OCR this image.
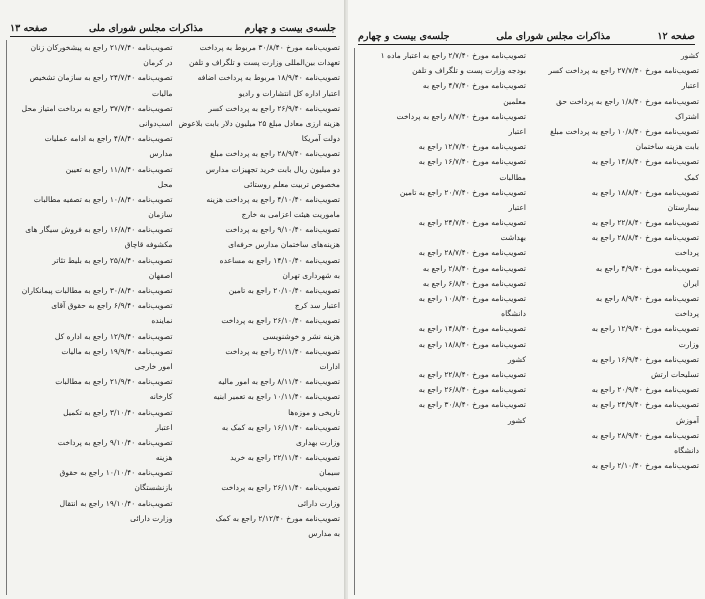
جلسه‌ی بیست و چهارم
مذاکرات مجلس شورای ملی
صفحه ۱۳
تصویب‌نامه مورخ ۳۰/۸/۴۰ مربوط به پرداخت
تعهدات بین‌المللی وزارت پست و تلگراف و تلفن
تصویب‌نامه ۱۸/۹/۴۰ مربوط به پرداخت اضافه
اعتبار اداره کل انتشارات و رادیو
تصویب‌نامه ۲۶/۹/۴۰ راجع به پرداخت کسر
هزینه ارزی معادل مبلغ ۲۵ میلیون دلار بابت بلاعوض
دولت آمریکا
تصویب‌نامه ۲۸/۹/۴۰ راجع به پرداخت مبلغ
دو میلیون ریال بابت خرید تجهیزات مدارس
مخصوص تربیت معلم روستائی
تصویب‌نامه ۴/۱۰/۴۰ راجع به پرداخت هزینه
ماموریت هیئت اعزامی به خارج
تصویب‌نامه ۹/۱۰/۴۰ راجع به پرداخت
هزینه‌های ساختمان مدارس حرفه‌ای
تصویب‌نامه ۱۴/۱۰/۴۰ راجع به مساعده
به شهرداری تهران
تصویب‌نامه ۲۰/۱۰/۴۰ راجع به تامین
اعتبار سد کرج
تصویب‌نامه ۲۶/۱۰/۴۰ راجع به پرداخت
هزینه نشر و خوشنویسی
تصویب‌نامه ۲/۱۱/۴۰ راجع به پرداخت
ادارات
تصویب‌نامه ۸/۱۱/۴۰ راجع به امور مالیه
تصویب‌نامه ۱۰/۱۱/۴۰ راجع به تعمیر ابنیه
تاریخی و موزه‌ها
تصویب‌نامه ۱۶/۱۱/۴۰ راجع به کمک به
وزارت بهداری
تصویب‌نامه ۲۲/۱۱/۴۰ راجع به خرید
سیمان
تصویب‌نامه ۲۶/۱۱/۴۰ راجع به پرداخت
وزارت دارائی
تصویب‌نامه مورخ ۲/۱۲/۴۰ راجع به کمک
به مدارس
تصویب‌نامه ۲۱/۷/۴۰ راجع به پیشخورکان زنان
در کرمان
تصویب‌نامه ۲۴/۷/۴۰ راجع به سازمان تشخیص
مالیات
تصویب‌نامه ۳۷/۷/۴۰ راجع به برداخت امتیاز محل
اسب‌دوانی
تصویب‌نامه ۴/۸/۴۰ راجع به ادامه عملیات
مدارس
تصویب‌نامه ۱۱/۸/۴۰ راجع به تعیین
محل
تصویب‌نامه ۱۰/۸/۴۰ راجع به تصفیه مطالبات
سازمان
تصویب‌نامه ۱۶/۸/۴۰ راجع به فروش سیگار های
مکشوفه قاچاق
تصویب‌نامه ۲۵/۸/۴۰ راجع به بلیط تئاتر
اصفهان
تصویب‌نامه ۳۰/۸/۴۰ راجع به مطالبات پیمانکاران
تصویب‌نامه ۶/۹/۴۰ راجع به حقوق آقای
نماینده
تصویب‌نامه ۱۲/۹/۴۰ راجع به اداره کل
تصویب‌نامه ۱۹/۹/۴۰ راجع به مالیات
امور خارجی
تصویب‌نامه ۲۱/۹/۴۰ راجع به مطالبات
کارخانه
تصویب‌نامه ۳/۱۰/۴۰ راجع به تکمیل
اعتبار
تصویب‌نامه ۹/۱۰/۴۰ راجع به پرداخت
هزینه
تصویب‌نامه ۱۰/۱۰/۴۰ راجع به حقوق
بازنشستگان
تصویب‌نامه ۱۹/۱۰/۴۰ راجع به انتقال
وزارت دارائی
صفحه ۱۲
مذاکرات مجلس شورای ملی
جلسه‌ی بیست و چهارم
کشور
تصویب‌نامه مورخ ۲۷/۷/۴۰ راجع به پرداخت کسر
اعتبار
تصویب‌نامه مورخ ۱/۸/۴۰ راجع به پرداخت حق
اشتراک
تصویب‌نامه مورخ ۱۰/۸/۴۰ راجع به پرداخت مبلغ
بابت هزینه ساختمان
تصویب‌نامه مورخ ۱۴/۸/۴۰ راجع به
کمک
تصویب‌نامه مورخ ۱۸/۸/۴۰ راجع به
بیمارستان
تصویب‌نامه مورخ ۲۲/۸/۴۰ راجع به
تصویب‌نامه مورخ ۲۸/۸/۴۰ راجع به
پرداخت
تصویب‌نامه مورخ ۴/۹/۴۰ راجع به
ایران
تصویب‌نامه مورخ ۸/۹/۴۰ راجع به
پرداخت
تصویب‌نامه مورخ ۱۲/۹/۴۰ راجع به
وزارت
تصویب‌نامه مورخ ۱۶/۹/۴۰ راجع به
تسلیحات ارتش
تصویب‌نامه مورخ ۲۰/۹/۴۰ راجع به
تصویب‌نامه مورخ ۲۴/۹/۴۰ راجع به
آموزش
تصویب‌نامه مورخ ۲۸/۹/۴۰ راجع به
دانشگاه
تصویب‌نامه مورخ ۲/۱۰/۴۰ راجع به
تصویب‌نامه مورخ ۲/۷/۴۰ راجع به اعتبار ماده ۱
بودجه وزارت پست و تلگراف و تلفن
تصویب‌نامه مورخ ۴/۷/۴۰ راجع به
معلمین
تصویب‌نامه مورخ ۸/۷/۴۰ راجع به پرداخت
اعتبار
تصویب‌نامه مورخ ۱۲/۷/۴۰ راجع به
تصویب‌نامه مورخ ۱۶/۷/۴۰ راجع به
مطالبات
تصویب‌نامه مورخ ۲۰/۷/۴۰ راجع به تامین
اعتبار
تصویب‌نامه مورخ ۲۴/۷/۴۰ راجع به
بهداشت
تصویب‌نامه مورخ ۲۸/۷/۴۰ راجع به
تصویب‌نامه مورخ ۲/۸/۴۰ راجع به
تصویب‌نامه مورخ ۶/۸/۴۰ راجع به
تصویب‌نامه مورخ ۱۰/۸/۴۰ راجع به
دانشگاه
تصویب‌نامه مورخ ۱۴/۸/۴۰ راجع به
تصویب‌نامه مورخ ۱۸/۸/۴۰ راجع به
کشور
تصویب‌نامه مورخ ۲۲/۸/۴۰ راجع به
تصویب‌نامه مورخ ۲۶/۸/۴۰ راجع به
تصویب‌نامه مورخ ۳۰/۸/۴۰ راجع به
کشور
